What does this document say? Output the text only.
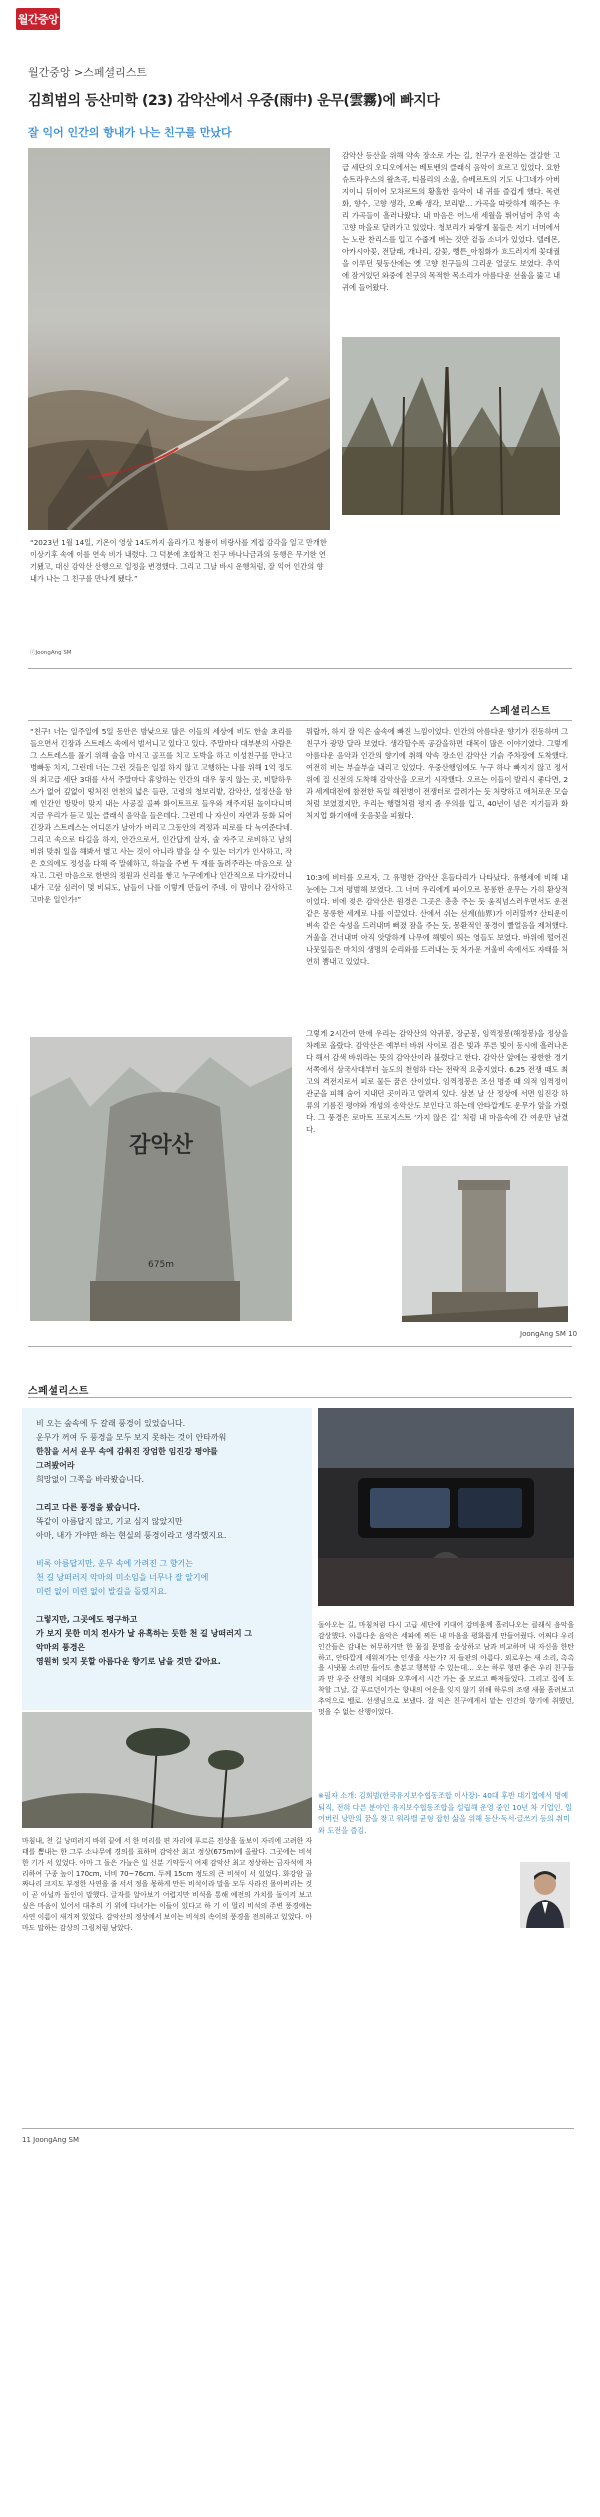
월간중앙
월간중앙 >스페셜리스트
김희범의 등산미학 (23) 감악산에서 우중(雨中) 운무(雲霧)에 빠지다
잘 익어 인간의 향내가 나는 친구를 만났다
감악산 등산을 위해 약속 장소로 가는 길, 친구가 운전하는 결갈한 고급 세단의 오디오에서는 베토벤의 클래식 음악이 흐르고 있었다. 요한슈트라우스의 왈츠곡, 티볼리의 소울, 슈베르트의 기도 나그네가 아버지이니 뒤이어 모차르트의 황홀한 음악이 내 귀를 즐겁게 했다. 목련화, 향수, 고향 생각, 오빠 생각, 보리밭… 가곡을 따랏하게 해주는 우리 가곡들이 흘러나왔다. 내 마음은 어느새 세월을 뛰어넘어 추억 속 고향 마을로 달려가고 있었다. 청보리가 파랗게 물들은 저기 너머에서는 노란 찬리스를 입고 수줍게 벼는 것만 겉돌 소녀가 있었다. 텔레몬, 아카시아꽃, 전달래, 개나리, 감꽃, 뻥튼_아침화가 흐드러지게 꽃대궐을 이루던 뒷동산에는 옛 고향 친구들의 그리운 얼굴도 보였다. 추억에 잠겨있던 와중에 친구의 목적한 목소리가 아름다운 선율을 뚫고 내 귀에 들어왔다.
“2023년 1월 14일, 기온이 영상 14도까지 올라가고 청룡이 비랑사를 게접 감각을 일고 만개한 이상기후 속에 이를 연속 비가 내렸다. 그 덕분에 초합착고 친구 바나나금과의 동행은 무기한 연기됐고, 대신 감악산 산행으로 일정을 변경했다. 그리고 그날 바시 운행처럼, 잘 익어 인간의 향내가 나는 그 친구를 만나게 됐다.”
ⓒJoongAng SM
스페셜리스트
“친구! 너는 일주일에 5일 동안은 밤낮으로 많은 이들의 세상에 비도 한술 초리를 들으면서 긴장과 스트레스 속에서 벌서니고 있다고 있다. 주말마다 대부분의 사람은 그 스트레스를 풀기 위해 술을 마시고 골프를 치고 도박을 하고 이성친구를 만나고 병빠동 치지, 그런데 너는 그런 것들은 일절 하지 않고 고행하는 나를 위해 1억 정도의 최고급 세단 3대를 사서 주말마다 휴양하는 인간의 대우 뭉지 않는 곳, 비탈하우스가 없어 깊없이 떵처진 연천의 넓은 들판, 고령의 청보리밭, 감악산, 설정산을 함께 인간인 방맞이 맞지 내는 사공질 골짜 화이트프로 들우와 재주지된 놀이다니며 지금 우리가 듣고 있는 클래식 음악을 들은데다. 그런데 나 자신이 자연과 동화 되어 긴장과 스트레스는 어디론가 날아가 버리고 그동안의 격정과 피로를 다 녹여준다네. 그리고 속으로 타길을 하지, 안간으로서, 인간답게 살자, 술 자주고 로비하고 남의 비위 맞춰 일을 해봐서 별고 사는 것이 아니라 발을 살 수 있는 더기가 인사하고, 작은 호의에도 정성을 다해 즉 말쉐하고, 하늘을 주변 두 재를 돌려주라는 마음으로 살자고. 그런 마음으로 한번의 정원과 신리를 쌓고 누구에게나 인간적으로 다가갔더니 내가 고삼 심러이 몇 비되도, 남들이 나를 이렇게 만들어 주네. 이 맘이나 감사하고 고마운 일인가!”
뭐랍까, 하지 잘 익은 술속에 빠진 느낌이었다. 인간의 아름다운 향기가 진동하며 그 친구가 광망 달라 보였다. 생각할수록 공감을하면 대목이 많은 이야기였다. 그렇게 아름다운 음악과 인간의 향기에 취해 약속 장소인 감악산 기슭 주차장에 도착했다. 여전히 비는 부슬부슬 내리고 있었다. 우중산행임에도 누구 하나 빠지지 않고 정서 위에 질 신전의 도착해 감악산을 오르기 시작했다. 오르는 이들이 발리시 좋다면, 2과 세계대전에 참전한 독일 해전병이 전쟁터로 끌려가는 듯 처량하고 애처로운 모습처럼 보였졌지만, 우리는 행렬처럼 평지 좀 우의를 입고, 40년이 넘은 지기들과 화처지업 화기애애 웃음꽃을 피웠다.
10:3에 비터를 오르자, 그 유명한 감악산 흔들다리가 나타났다. 유행세에 비해 내 눈에는 그저 평범해 보였다. 그 너머 우리에게 파이오르 몽롱한 운무는 가히 환상적이었다. 비에 젖은 감악산은 원경은 그곳은 총총 주는 듯 움직넘스러우면서도 운전 같은 몽롱한 세계로 나를 이끌었다. 산에서 쉬는 선계(仙界)가 이러할까? 산티운이 벼속 같은 숙성을 드러내며 뻐졌 잠을 주는 듯, 몽환적인 풍경이 빨얼음을 제쳐했다. 겨울을 건너내며 아직 앗망하게 나무에 해빛이 띄는 영들도 보였다. 바위에 떨어진 나뭇잎들은 마치의 생명의 순리와를 드러내는 듯 차가운 겨울비 속에서도 자태를 처연히 뽐내고 있었다.
그렇게 2시간여 만에 우리는 감악산의 악귀봉, 장군봉, 임꺽정봉(해정봉)을 정상을 차례로 올랐다. 감악산은 예부터 바위 사이로 검은 빛과 푸른 빛이 동시에 흘러나온다 해서 감색 바위라는 뜻의 감악산이라 불렸다고 한다. 감악산 앞에는 광한한 경기 서쪽에서 삼국사대부터 높도의 천험하 다는 전략적 요충지였다. 6.25 전쟁 때도 최고의 격전지로서 피로 물든 꿈은 산이었다. 임꺽정봉은 조선 명종 때 의적 임꺽정이 관군을 피해 숨어 지내던 곳이라고 알려져 있다. 삼본 날 산 정상에 서면 임진강 하류의 기름진 평야와 개성의 송악산도 보인다고 하는데 안타깝게도 운무가 앞을 가렸다. 그 풍경은 로마트 프로지스트 ‘가지 않은 길’ 처럼 내 마음속에 간 여운만 남겼다.
감악산
675m
JoongAng SM 10
스페셜리스트
비 오는 숲속에 두 갈래 풍경이 있었습니다.
운무가 꺼여 두 풍경을 모두 보지 못하는 것이 안타까워
한참을 서서 운무 속에 감춰진 장엄한 임진강 평야를
그려봤어라
희망없이 그쪽을 바라봤습니다.
그리고 다른 풍경을 봤습니다.
똑같이 아름답지 않고, 기교 심지 않았지만
아마, 내가 가야만 하는 현실의 풍경이라고 생각했지요.
비록 아름답지만, 운무 속에 가려진 그 향기는
천 길 낭떠러지 악마의 미소임을 너무나 잘 알기에
미련 없이 미련 없이 발길을 돌렸지요.
그렇지만, 그곳에도 평구하고
가 보지 못한 미치 전사가 날 유혹하는 듯한 천 길 낭떠러지 그
악마의 풍경은
영원히 잊지 못할 아름다운 향기로 남을 것만 같아요.
돌아오는 길, 마침처럼 다시 고급 세단에 키대어 감비움께 흘러나오는 클래식 음악을 감상했다. 아름다운 음악은 세파에 찌든 내 마음을 평화롭게 만들어줬다. 어쩌다 우리 인간들은 감내는 허무하거만 한 물질 문명을 숭상하고 남과 비교하며 내 자신을 한탄하고, 안타깝게 세워져가는 인생을 사는가? 저 들판의 아름다. 외로우는 새 소리, 촉촉을 시냇물 소리만 들어도 충분고 행복할 수 있는데… 오는 하루 형편 좋은 우리 친구들과 만 우중 산행의 치대와 오후에서 시간 가는 줄 모르고 빠져들었다. 그리고 집에 도착할 그날, 갈 푸르던이가는 향내의 여운을 잊지 않기 위해 하루의 조랭 새물 흘려보고 추억으로 벨로. 선생님으로 보냈다. 잘 익은 친구에게서 맡는 인간의 향기에 취했던, 멋을 수 없는 산행이었다.
마침내, 천 길 낭떠러지 바위 끝에 서 한 머리를 편 자리에 푸르른 전상을 돌보이 자리에 고려한 자태를 뽐내는 한 그루 소나무에 경의를 표하며 감악산 최고 정상(675m)에 올랐다. 그곳에는 비석 한 기가 서 있었다. 아마 그 돌은 가늘은 일 신분 기약등시 여제 감악산 최고 정상하는 금자석에 자리하여 구종 높이 170cm, 너비 70~76cm. 두께 15cm 정도의 큰 비석이 서 있었다. 화강암 골짜나리 크지도 부정한 사연을 줄 서서 정을 몫하게 만든 비석이라 말을 모두 사라진 몰아버리는 것이 곧 아닐까 돌인이 말했다. 글자를 알아보기 어렵지만 비석을 통해 예전의 가치를 돌이켜 보고 싶은 마음이 있어서 대추의 기 위에 다녀가는 이들이 있다고 하 기 이 멀리 비석의 주변 풍경에는 사연 이름이 새겨져 있었다. 감악산의 정상에서 보이는 비석의 속이의 풍경을 전의하고 있었다. 아마도 말하는 감상의 그림처럼 남았다.
※필자 소개: 김희범(한국유지보수협동조합 이사장)- 40대 후반 대기업에서 명예퇴직, 전혀 다른 분야인 유지보수협동조합을 설립해 운영 중인 10년 차 기업인. 일어버린 낭만의 꿈을 찾고 워라밸 균형 잡힌 삶을 위해 등산·독서·글쓰기 등의 취미와 도전을 즐김.
11 JoongAng SM
